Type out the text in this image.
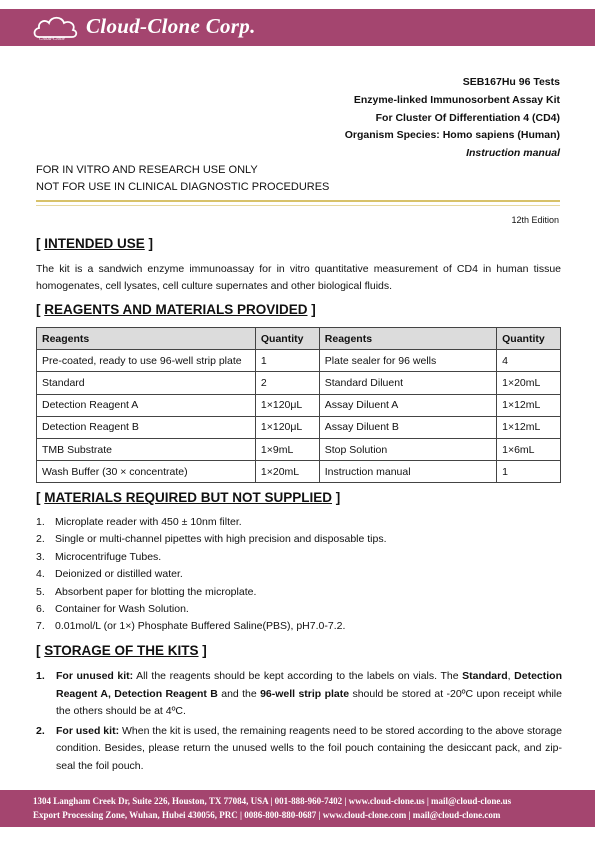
Cloud-Clone
Cloud-Clone Corp.
SEB167Hu 96 Tests
Enzyme-linked Immunosorbent Assay Kit
For Cluster Of Differentiation 4 (CD4)
Organism Species: Homo sapiens (Human)
Instruction manual
FOR IN VITRO AND RESEARCH USE ONLY
NOT FOR USE IN CLINICAL DIAGNOSTIC PROCEDURES
12th Edition
[ INTENDED USE ]
The kit is a sandwich enzyme immunoassay for in vitro quantitative measurement of CD4 in human tissue homogenates, cell lysates, cell culture supernates and other biological fluids.
[ REAGENTS AND MATERIALS PROVIDED ]
Reagents	Quantity	Reagents	Quantity
Pre-coated, ready to use 96-well strip plate	1	Plate sealer for 96 wells	4
Standard	2	Standard Diluent	1×20mL
Detection Reagent A	1×120μL	Assay Diluent A	1×12mL
Detection Reagent B	1×120μL	Assay Diluent B	1×12mL
TMB Substrate	1×9mL	Stop Solution	1×6mL
Wash Buffer (30 × concentrate)	1×20mL	Instruction manual	1
[ MATERIALS REQUIRED BUT NOT SUPPLIED ]
1. Microplate reader with 450 ± 10nm filter.
2. Single or multi-channel pipettes with high precision and disposable tips.
3. Microcentrifuge Tubes.
4. Deionized or distilled water.
5. Absorbent paper for blotting the microplate.
6. Container for Wash Solution.
7. 0.01mol/L (or 1×) Phosphate Buffered Saline(PBS), pH7.0-7.2.
[ STORAGE OF THE KITS ]
1. For unused kit: All the reagents should be kept according to the labels on vials. The Standard, Detection Reagent A, Detection Reagent B and the 96-well strip plate should be stored at -20ºC upon receipt while the others should be at 4ºC.
2. For used kit: When the kit is used, the remaining reagents need to be stored according to the above storage condition. Besides, please return the unused wells to the foil pouch containing the desiccant pack, and zip-seal the foil pouch.
1304 Langham Creek Dr, Suite 226, Houston, TX 77084, USA | 001-888-960-7402 | www.cloud-clone.us | mail@cloud-clone.us
Export Processing Zone, Wuhan, Hubei 430056, PRC | 0086-800-880-0687 | www.cloud-clone.com | mail@cloud-clone.com
